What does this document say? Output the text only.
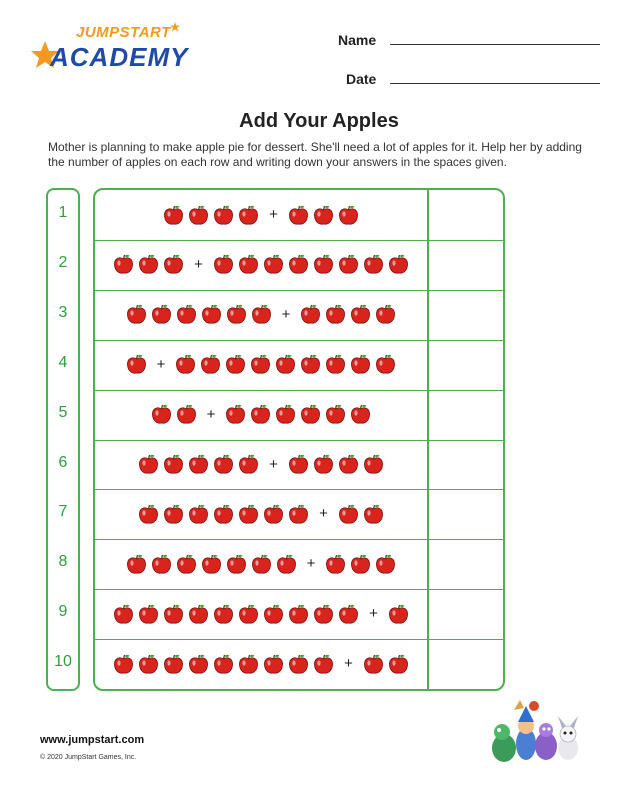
JUMPSTART
ACADEMY
Name
Date
Add Your Apples
Mother is planning to make apple pie for dessert. She'll need a lot of apples for it. Help her by adding the number of apples on each row and writing down your answers in the spaces given.
1
2
3
4
5
6
7
8
9
10
+
+
+
+
+
+
+
+
+
+
www.jumpstart.com
© 2020 JumpStart Games, Inc.
